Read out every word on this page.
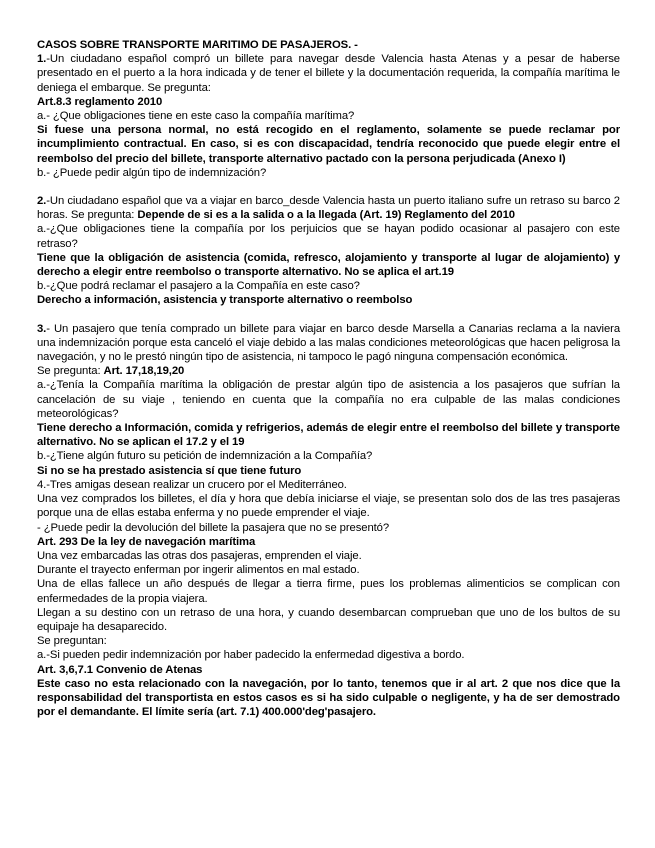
CASOS SOBRE TRANSPORTE MARITIMO DE PASAJEROS. -

1.-Un ciudadano español compró un billete para navegar desde Valencia hasta Atenas y a pesar de haberse presentado en el puerto a la hora indicada y de tener el billete y la documentación requerida, la compañía marítima le deniega el embarque. Se pregunta:

Art.8.3 reglamento 2010

a.- ¿Que obligaciones tiene en este caso la compañía marítima?

Si fuese una persona normal, no está recogido en el reglamento, solamente se puede reclamar por incumplimiento contractual. En caso, si es con discapacidad, tendría reconocido que puede elegir entre el reembolso del precio del billete, transporte alternativo pactado con la persona perjudicada (Anexo I)

b.- ¿Puede pedir algún tipo de indemnización?

2.-Un ciudadano español que va a viajar en barco_desde Valencia hasta un puerto italiano sufre un retraso su barco 2 horas. Se pregunta: Depende de si es a la salida o a la llegada (Art. 19) Reglamento del 2010

a.-¿Que obligaciones tiene la compañía por los perjuicios que se hayan podido ocasionar al pasajero con este retraso?

Tiene que la obligación de asistencia (comida, refresco, alojamiento y transporte al lugar de alojamiento) y derecho a elegir entre reembolso o transporte alternativo. No se aplica el art.19

b.-¿Que podrá reclamar el pasajero a la Compañía en este caso?

Derecho a información, asistencia y transporte alternativo o reembolso

3.- Un pasajero que tenía comprado un billete para viajar en barco desde Marsella a Canarias reclama a la naviera una indemnización porque esta canceló el viaje debido a las malas condiciones meteorológicas que hacen peligrosa la navegación, y no le prestó ningún tipo de asistencia, ni tampoco le pagó ninguna compensación económica.

Se pregunta: Art. 17,18,19,20

a.-¿Tenía la Compañía marítima la obligación de prestar algún tipo de asistencia a los pasajeros que sufrían la cancelación de su viaje , teniendo en cuenta que la compañía no era culpable de las malas condiciones meteorológicas?

Tiene derecho a Información, comida y refrigerios, además de elegir entre el reembolso del billete y transporte alternativo. No se aplican el 17.2 y el 19

b.-¿Tiene algún futuro su petición de indemnización a la Compañía?

Si no se ha prestado asistencia sí que tiene futuro

4.-Tres amigas desean realizar un crucero por el Mediterráneo.

Una vez comprados los billetes, el día y hora que debía iniciarse el viaje, se presentan solo dos de las tres pasajeras porque una de ellas estaba enferma y no puede emprender el viaje.

- ¿Puede pedir la devolución del billete la pasajera que no se presentó?

Art. 293 De la ley de navegación marítima

Una vez embarcadas las otras dos pasajeras, emprenden el viaje.

Durante el trayecto enferman por ingerir alimentos en mal estado.

Una de ellas fallece un año después de llegar a tierra firme, pues los problemas alimenticios se complican con enfermedades de la propia viajera.

Llegan a su destino con un retraso de una hora, y cuando desembarcan comprueban que uno de los bultos de su equipaje ha desaparecido.

Se preguntan:

a.-Si pueden pedir indemnización por haber padecido la enfermedad digestiva a bordo.

Art. 3,6,7.1 Convenio de Atenas

Este caso no esta relacionado con la navegación, por lo tanto, tenemos que ir al art. 2 que nos dice que la responsabilidad del transportista en estos casos es si ha sido culpable o negligente, y ha de ser demostrado por el demandante. El límite sería (art. 7.1) 400.000'deg'pasajero.
